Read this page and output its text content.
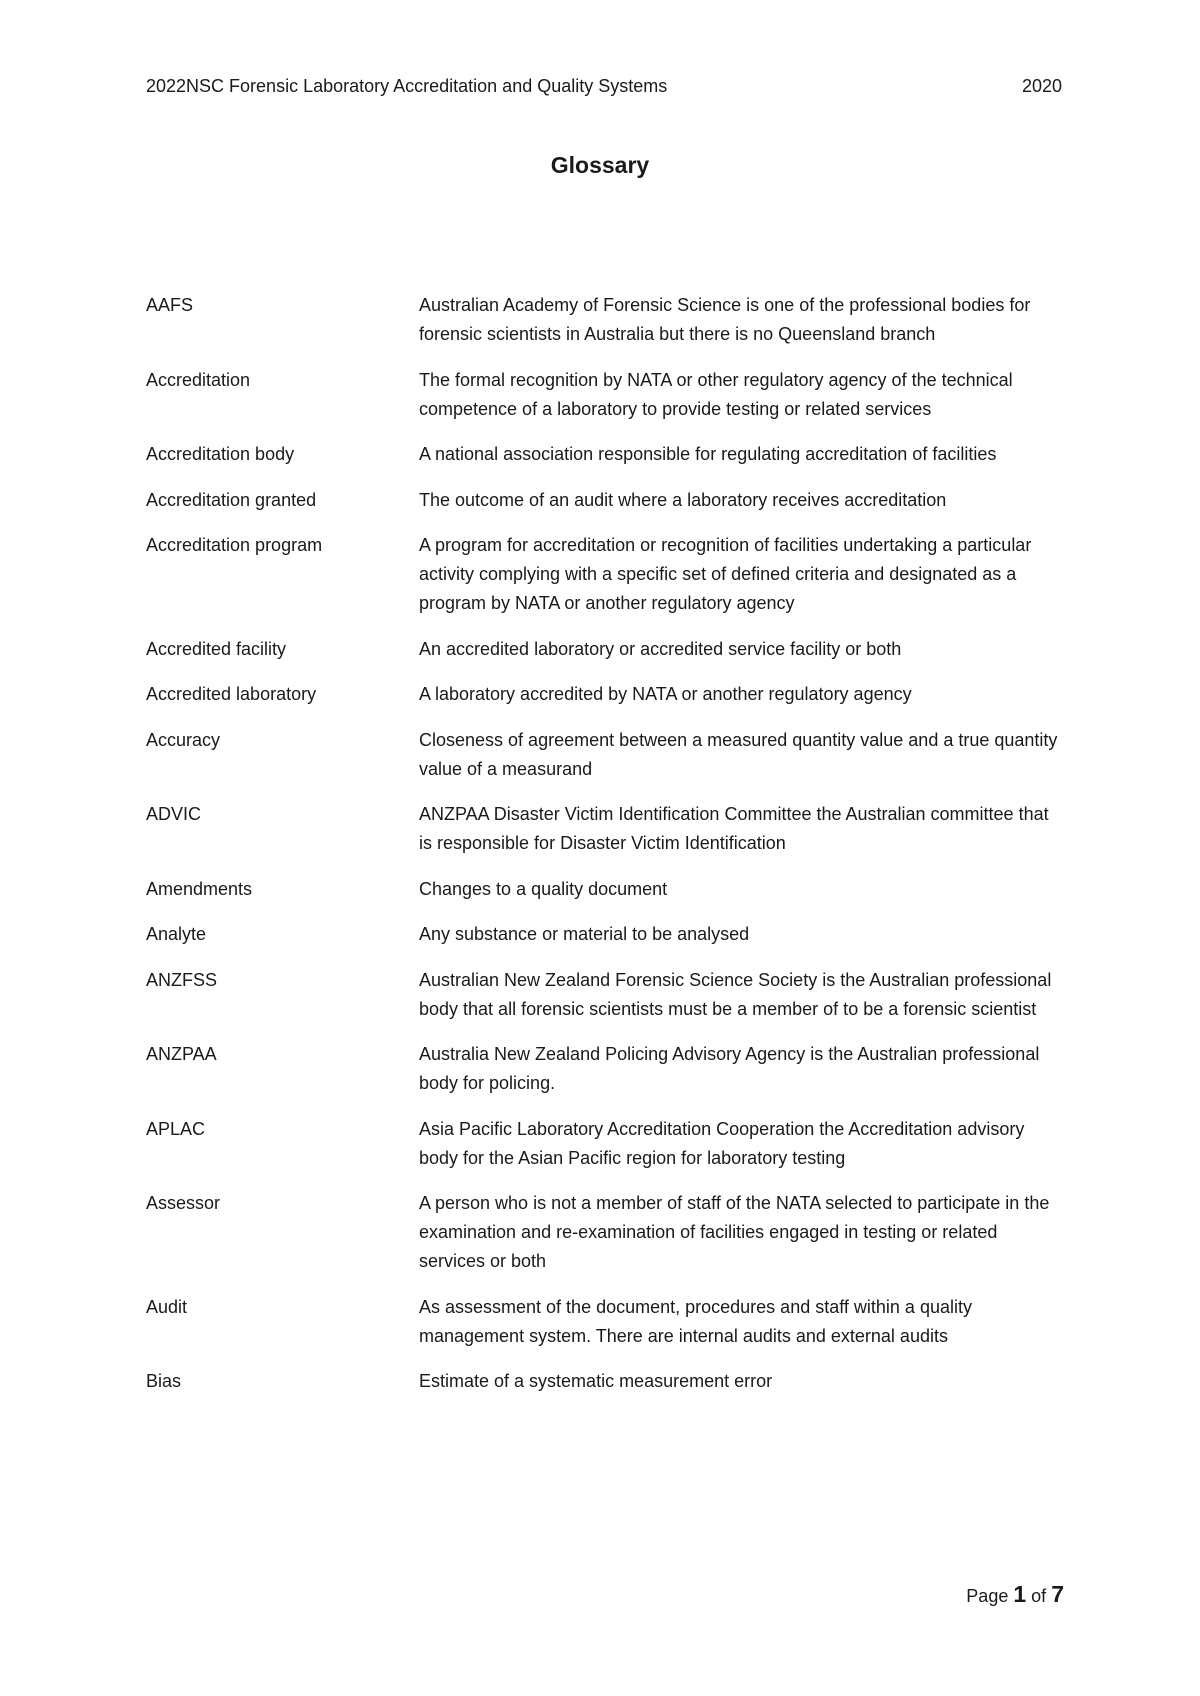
2022NSC Forensic Laboratory Accreditation and Quality Systems	2020
Glossary
AAFS	Australian Academy of Forensic Science is one of the professional bodies for forensic scientists in Australia but there is no Queensland branch
Accreditation	The formal recognition by NATA or other regulatory agency of the technical competence of a laboratory to provide testing or related services
Accreditation body	A national association responsible for regulating accreditation of facilities
Accreditation granted	The outcome of an audit where a laboratory receives accreditation
Accreditation program	A program for accreditation or recognition of facilities undertaking a particular activity complying with a specific set of defined criteria and designated as a program by NATA or another regulatory agency
Accredited facility	An accredited laboratory or accredited service facility or both
Accredited laboratory	A laboratory accredited by NATA or another regulatory agency
Accuracy	Closeness of agreement between a measured quantity value and a true quantity value of a measurand
ADVIC	ANZPAA Disaster Victim Identification Committee the Australian committee that is responsible for Disaster Victim Identification
Amendments	Changes to a quality document
Analyte	Any substance or material to be analysed
ANZFSS	Australian New Zealand Forensic Science Society is the Australian professional body that all forensic scientists must be a member of to be a forensic scientist
ANZPAA	Australia New Zealand Policing Advisory Agency is the Australian professional body for policing.
APLAC	Asia Pacific Laboratory Accreditation Cooperation the Accreditation advisory body for the Asian Pacific region for laboratory testing
Assessor	A person who is not a member of staff of the NATA selected to participate in the examination and re-examination of facilities engaged in testing or related services or both
Audit	As assessment of the document, procedures and staff within a quality management system. There are internal audits and external audits
Bias	Estimate of a systematic measurement error
Page 1 of 7
